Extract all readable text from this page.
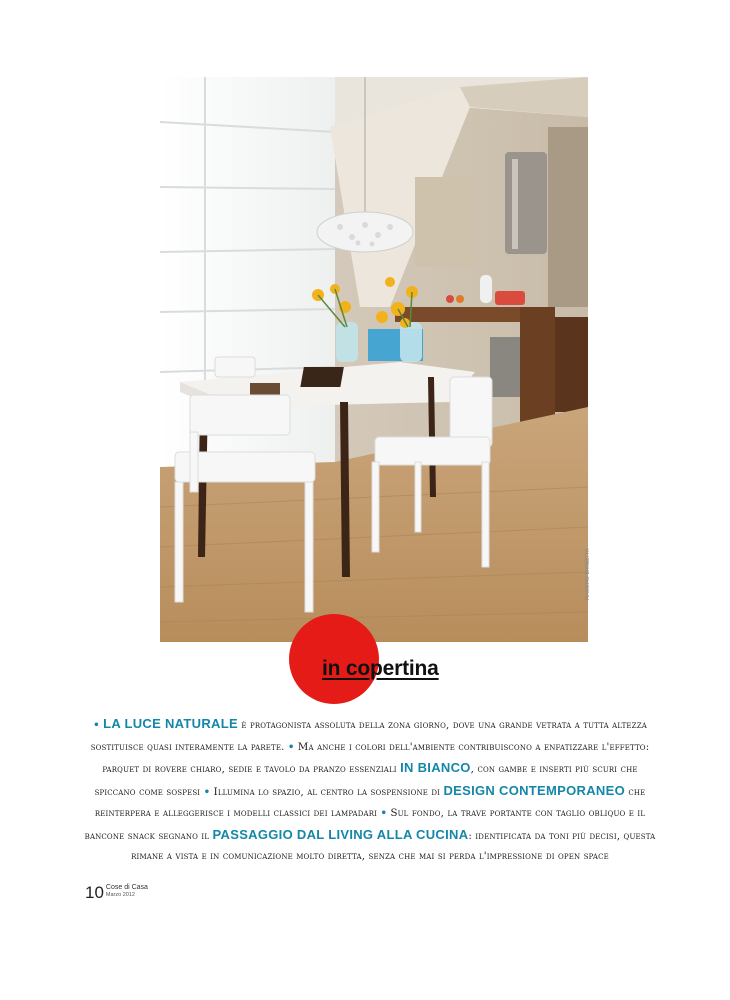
MASSIMO BARBETTA
in copertina
• LA LUCE NATURALE è protagonista assoluta della zona giorno, dove una grande vetrata a tutta altezza sostituisce quasi interamente la parete. • Ma anche i colori dell'ambiente contribuiscono a enfatizzare l'effetto: parquet di rovere chiaro, sedie e tavolo da pranzo essenziali IN BIANCO, con gambe e inserti più scuri che spiccano come sospesi • Illumina lo spazio, al centro la sospensione di DESIGN CONTEMPORANEO che reinterpera e alleggerisce i modelli classici dei lampadari • Sul fondo, la trave portante con taglio obliquo e il bancone snack segnano il PASSAGGIO DAL LIVING ALLA CUCINA: identificata da toni più decisi, questa rimane a vista e in comunicazione molto diretta, senza che mai si perda l'impressione di open space
10 Cose di Casa
Marzo 2012
